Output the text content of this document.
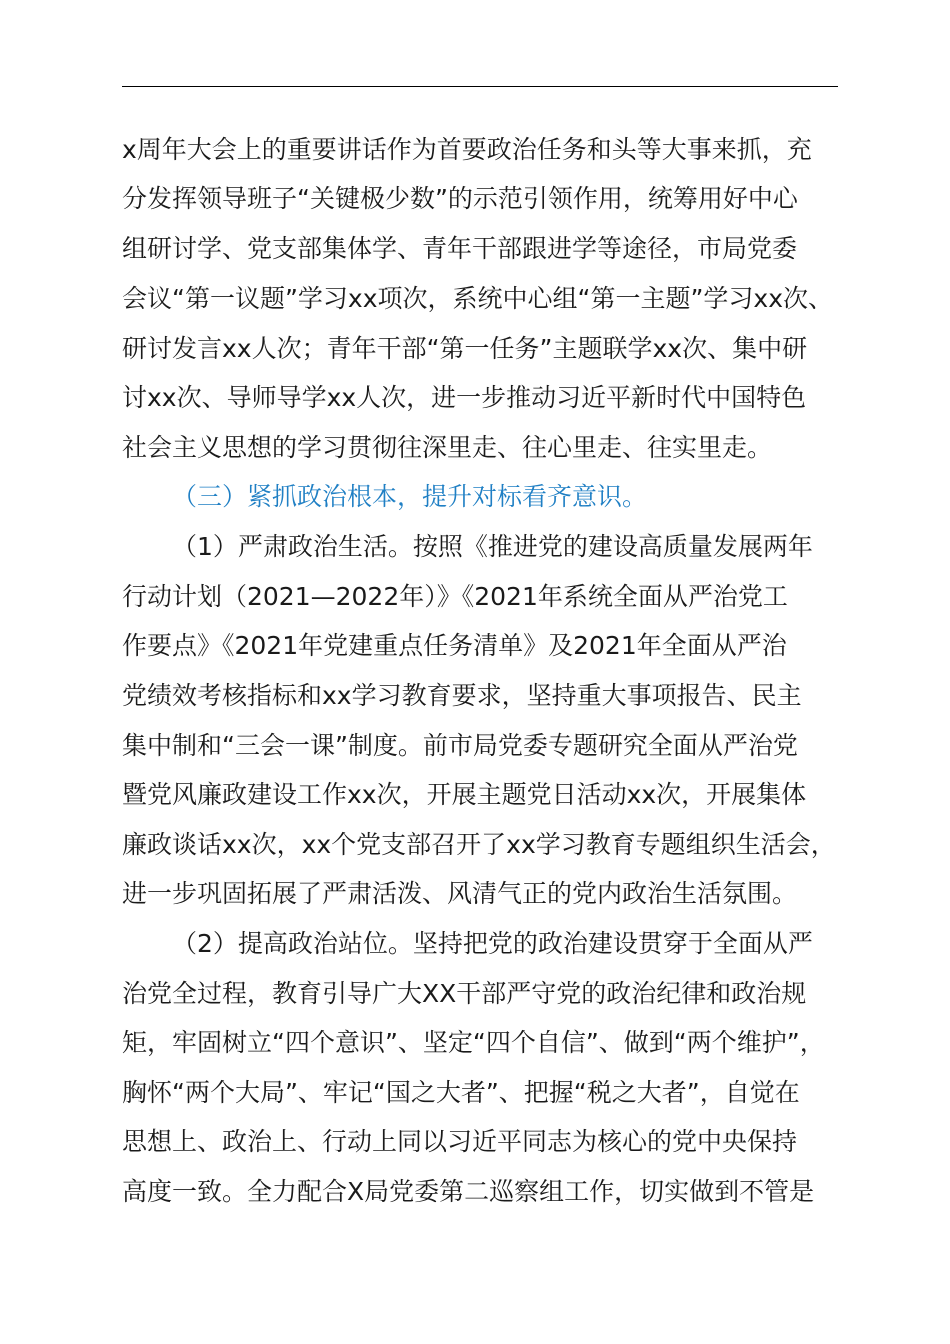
x周年大会上的重要讲话作为首要政治任务和头等大事来抓，充

分发挥领导班子“关键极少数”的示范引领作用，统筹用好中心

组研讨学、党支部集体学、青年干部跟进学等途径，市局党委

会议“第一议题”学习xx项次，系统中心组“第一主题”学习xx次、

研讨发言xx人次；青年干部“第一任务”主题联学xx次、集中研

讨xx次、导师导学xx人次，进一步推动习近平新时代中国特色

社会主义思想的学习贯彻往深里走、往心里走、往实里走。

（三）紧抓政治根本，提升对标看齐意识。

（1）严肃政治生活。按照《推进党的建设高质量发展两年

行动计划（2021—2022年）》《2021年系统全面从严治党工

作要点》《2021年党建重点任务清单》及2021年全面从严治

党绩效考核指标和xx学习教育要求，坚持重大事项报告、民主

集中制和“三会一课”制度。前市局党委专题研究全面从严治党

暨党风廉政建设工作xx次，开展主题党日活动xx次，开展集体

廉政谈话xx次，xx个党支部召开了xx学习教育专题组织生活会，

进一步巩固拓展了严肃活泼、风清气正的党内政治生活氛围。

（2）提高政治站位。坚持把党的政治建设贯穿于全面从严

治党全过程，教育引导广大XX干部严守党的政治纪律和政治规

矩，牢固树立“四个意识”、坚定“四个自信”、做到“两个维护”，

胸怀“两个大局”、牢记“国之大者”、把握“税之大者”，自觉在

思想上、政治上、行动上同以习近平同志为核心的党中央保持

高度一致。全力配合X局党委第二巡察组工作，切实做到不管是
